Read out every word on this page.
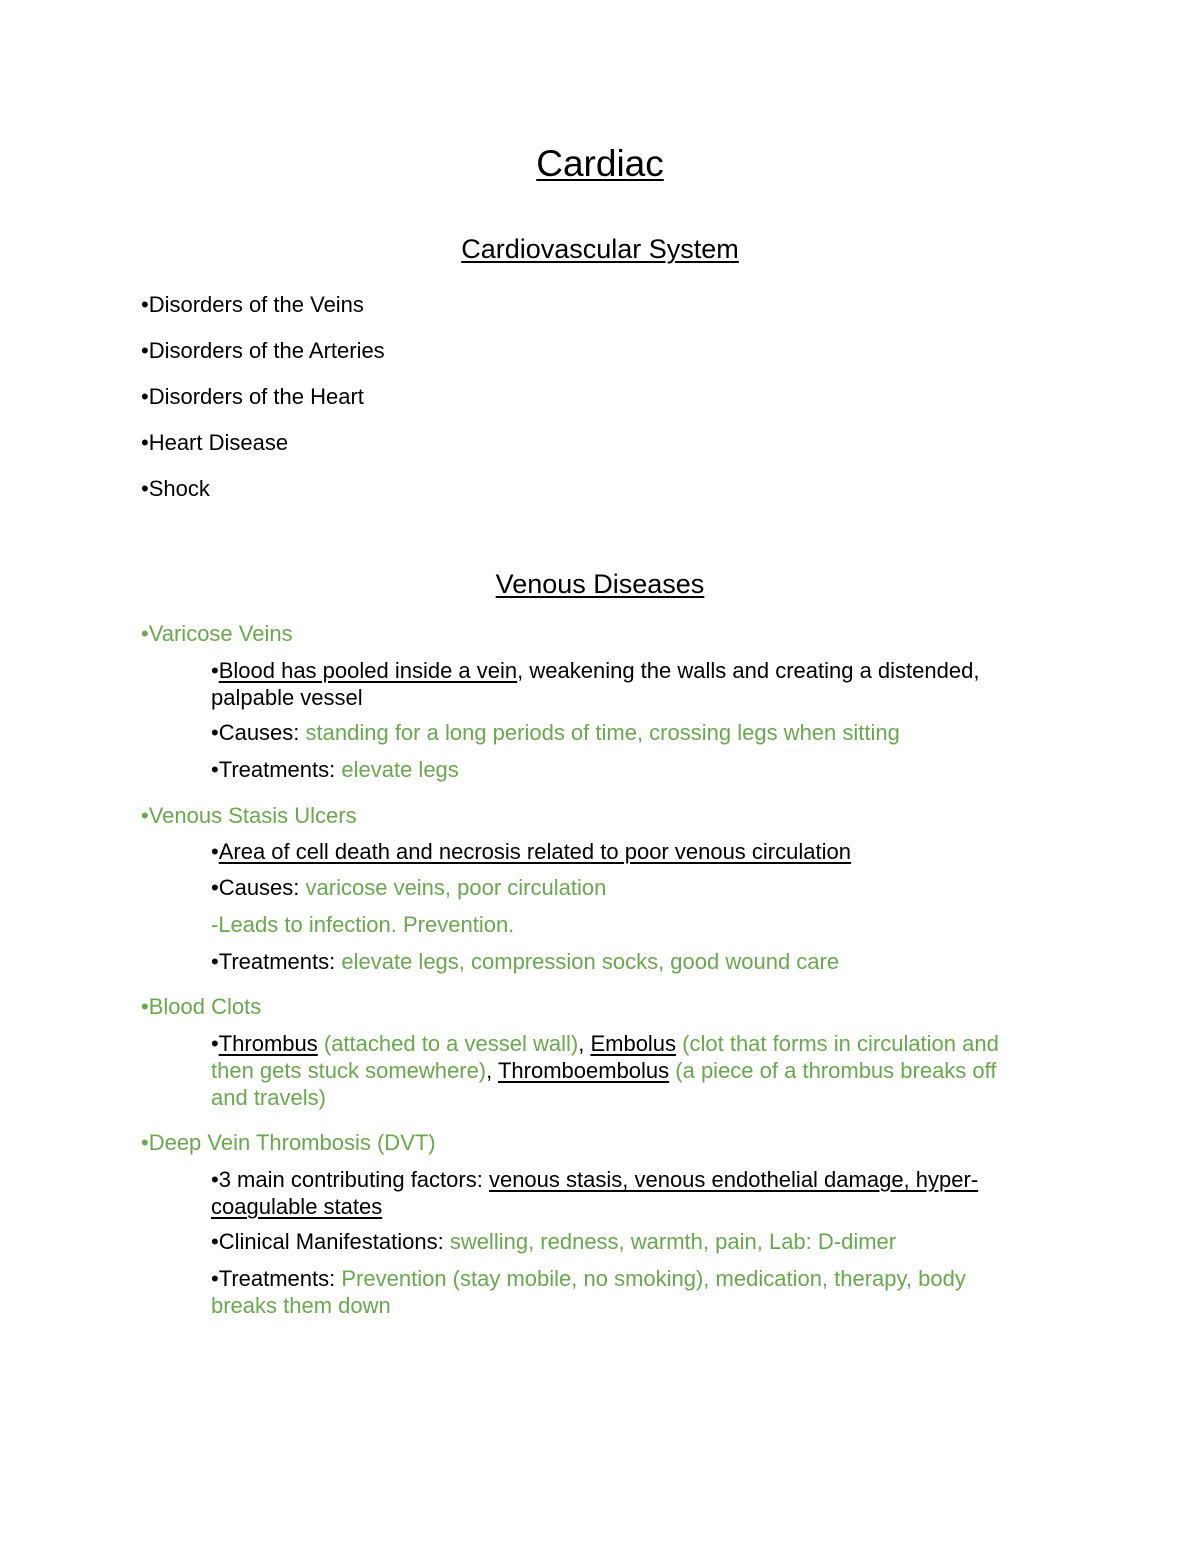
Cardiac
Cardiovascular System
•Disorders of the Veins
•Disorders of the Arteries
•Disorders of the Heart
•Heart Disease
•Shock
Venous Diseases
•Varicose Veins
•Blood has pooled inside a vein, weakening the walls and creating a distended,
palpable vessel
•Causes: standing for a long periods of time, crossing legs when sitting
•Treatments: elevate legs
•Venous Stasis Ulcers
•Area of cell death and necrosis related to poor venous circulation
•Causes: varicose veins, poor circulation
-Leads to infection. Prevention.
•Treatments: elevate legs, compression socks, good wound care
•Blood Clots
•Thrombus (attached to a vessel wall), Embolus (clot that forms in circulation and
then gets stuck somewhere), Thromboembolus (a piece of a thrombus breaks off
and travels)
•Deep Vein Thrombosis (DVT)
•3 main contributing factors: venous stasis, venous endothelial damage, hyper-
coagulable states
•Clinical Manifestations: swelling, redness, warmth, pain, Lab: D-dimer
•Treatments: Prevention (stay mobile, no smoking), medication, therapy, body
breaks them down
